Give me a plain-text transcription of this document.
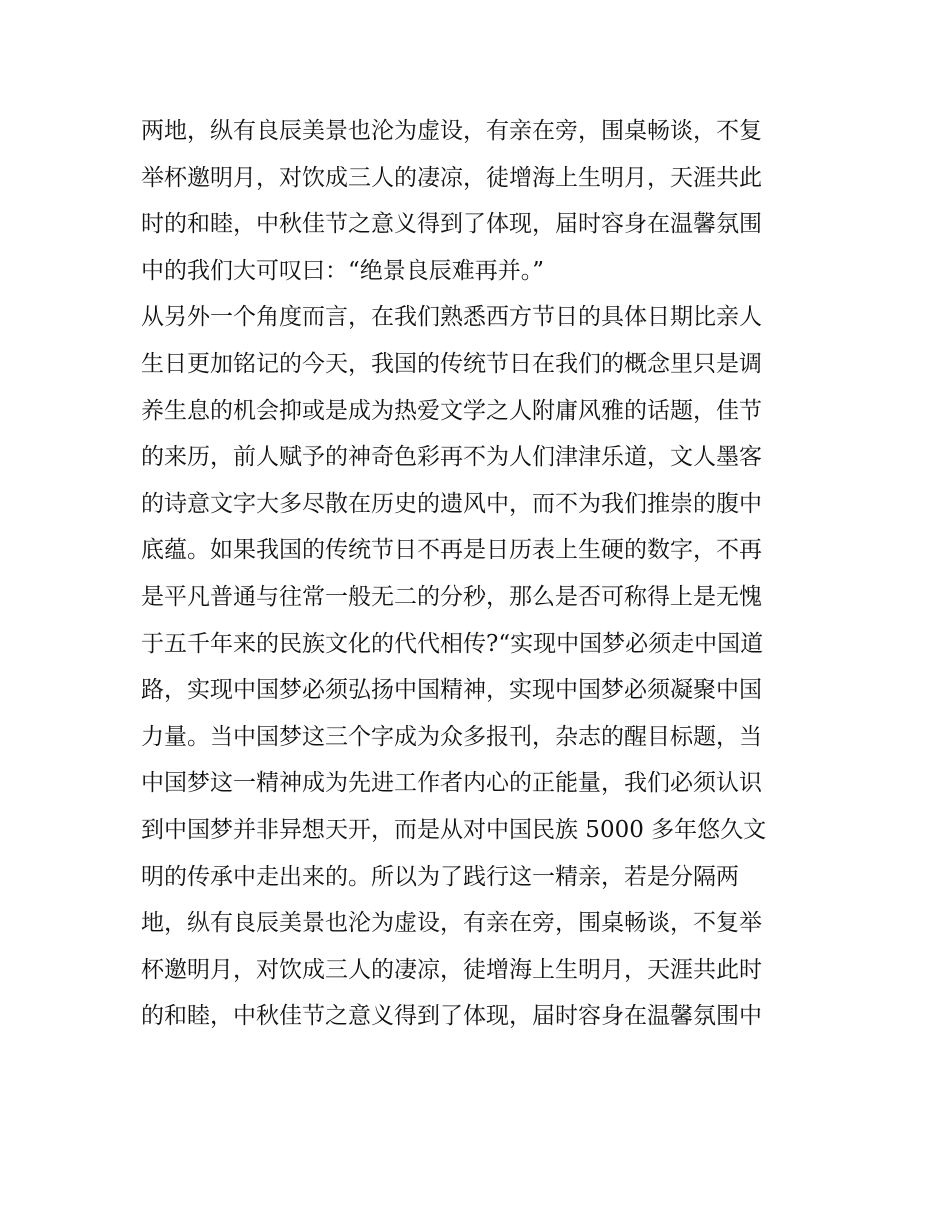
两地，纵有良辰美景也沦为虚设，有亲在旁，围桌畅谈，不复
举杯邀明月，对饮成三人的凄凉，徒增海上生明月，天涯共此
时的和睦，中秋佳节之意义得到了体现，届时容身在温馨氛围
中的我们大可叹曰：“绝景良辰难再并。”
从另外一个角度而言，在我们熟悉西方节日的具体日期比亲人
生日更加铭记的今天，我国的传统节日在我们的概念里只是调
养生息的机会抑或是成为热爱文学之人附庸风雅的话题，佳节
的来历，前人赋予的神奇色彩再不为人们津津乐道，文人墨客
的诗意文字大多尽散在历史的遗风中，而不为我们推崇的腹中
底蕴。如果我国的传统节日不再是日历表上生硬的数字，不再
是平凡普通与往常一般无二的分秒，那么是否可称得上是无愧
于五千年来的民族文化的代代相传?“实现中国梦必须走中国道
路，实现中国梦必须弘扬中国精神，实现中国梦必须凝聚中国
力量。当中国梦这三个字成为众多报刊，杂志的醒目标题，当
中国梦这一精神成为先进工作者内心的正能量，我们必须认识
到中国梦并非异想天开，而是从对中国民族 5000 多年悠久文
明的传承中走出来的。所以为了践行这一精亲，若是分隔两
地，纵有良辰美景也沦为虚设，有亲在旁，围桌畅谈，不复举
杯邀明月，对饮成三人的凄凉，徒增海上生明月，天涯共此时
的和睦，中秋佳节之意义得到了体现，届时容身在温馨氛围中
